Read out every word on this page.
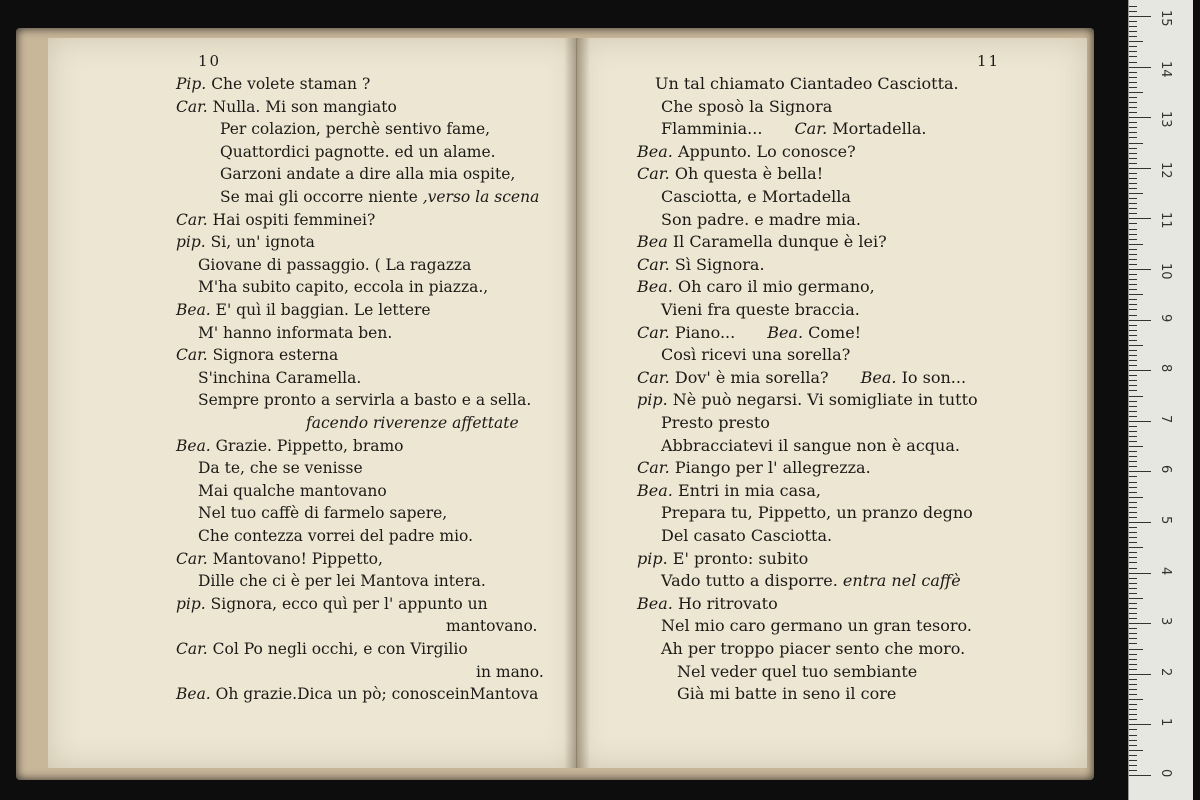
10
Pip. Che volete staman ?
Car. Nulla. Mi son mangiato
Per colazion, perchè sentivo fame,
Quattordici pagnotte. ed un alame.
Garzoni andate a dire alla mia ospite,
Se mai gli occorre niente ,verso la scena
Car. Hai ospiti femminei?
pip. Si, un' ignota
Giovane di passaggio. ( La ragazza
M'ha subito capito, eccola in piazza.,
Bea. E' quì il baggian. Le lettere
M' hanno informata ben.
Car. Signora esterna
S'inchina Caramella.
Sempre pronto a servirla a basto e a sella.
facendo riverenze affettate
Bea. Grazie. Pippetto, bramo
Da te, che se venisse
Mai qualche mantovano
Nel tuo caffè di farmelo sapere,
Che contezza vorrei del padre mio.
Car. Mantovano! Pippetto,
Dille che ci è per lei Mantova intera.
pip. Signora, ecco quì per l' appunto un
mantovano.
Car. Col Po negli occhi, e con Virgilio
in mano.
Bea. Oh grazie.Dica un pò; conosceinMantova
11
Un tal chiamato Ciantadeo Casciotta.
Che sposò la Signora
Flamminia...   Car. Mortadella.
Bea. Appunto. Lo conosce?
Car. Oh questa è bella!
Casciotta, e Mortadella
Son padre. e madre mia.
Bea Il Caramella dunque è lei?
Car. Sì Signora.
Bea. Oh caro il mio germano,
Vieni fra queste braccia.
Car. Piano...   Bea. Come!
Così ricevi una sorella?
Car. Dov' è mia sorella?   Bea. Io son...
pip. Nè può negarsi. Vi somigliate in tutto
Presto presto
Abbracciatevi il sangue non è acqua.
Car. Piango per l' allegrezza.
Bea. Entri in mia casa,
Prepara tu, Pippetto, un pranzo degno
Del casato Casciotta.
pip. E' pronto: subito
Vado tutto a disporre. entra nel caffè
Bea. Ho ritrovato
Nel mio caro germano un gran tesoro.
Ah per troppo piacer sento che moro.
Nel veder quel tuo sembiante
Già mi batte in seno il core
0
1
2
3
4
5
6
7
8
9
10
11
12
13
14
15
